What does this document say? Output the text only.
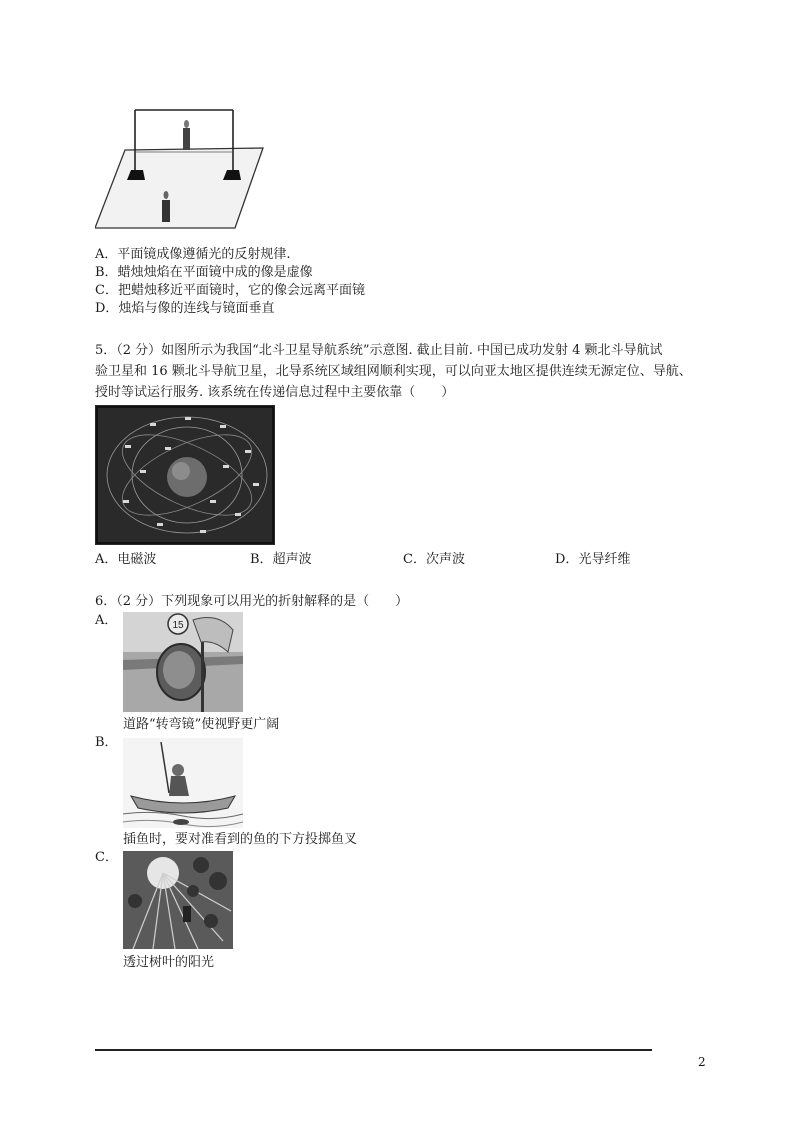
A．平面镜成像遵循光的反射规律.
B．蜡烛烛焰在平面镜中成的像是虚像
C．把蜡烛移近平面镜时，它的像会远离平面镜
D．烛焰与像的连线与镜面垂直
5．（2 分）如图所示为我国“北斗卫星导航系统”示意图. 截止目前. 中国已成功发射 4 颗北斗导航试
验卫星和 16 颗北斗导航卫星，北导系统区域组网顺利实现，可以向亚太地区提供连续无源定位、导航、
授时等试运行服务. 该系统在传递信息过程中主要依靠（　　）
A．电磁波	B．超声波	C．次声波	D．光导纤维
6．（2 分）下列现象可以用光的折射解释的是（　　）
A．	15
道路“转弯镜”使视野更广阔
B．
插鱼时，要对准看到的鱼的下方投掷鱼叉
C．
透过树叶的阳光
2
